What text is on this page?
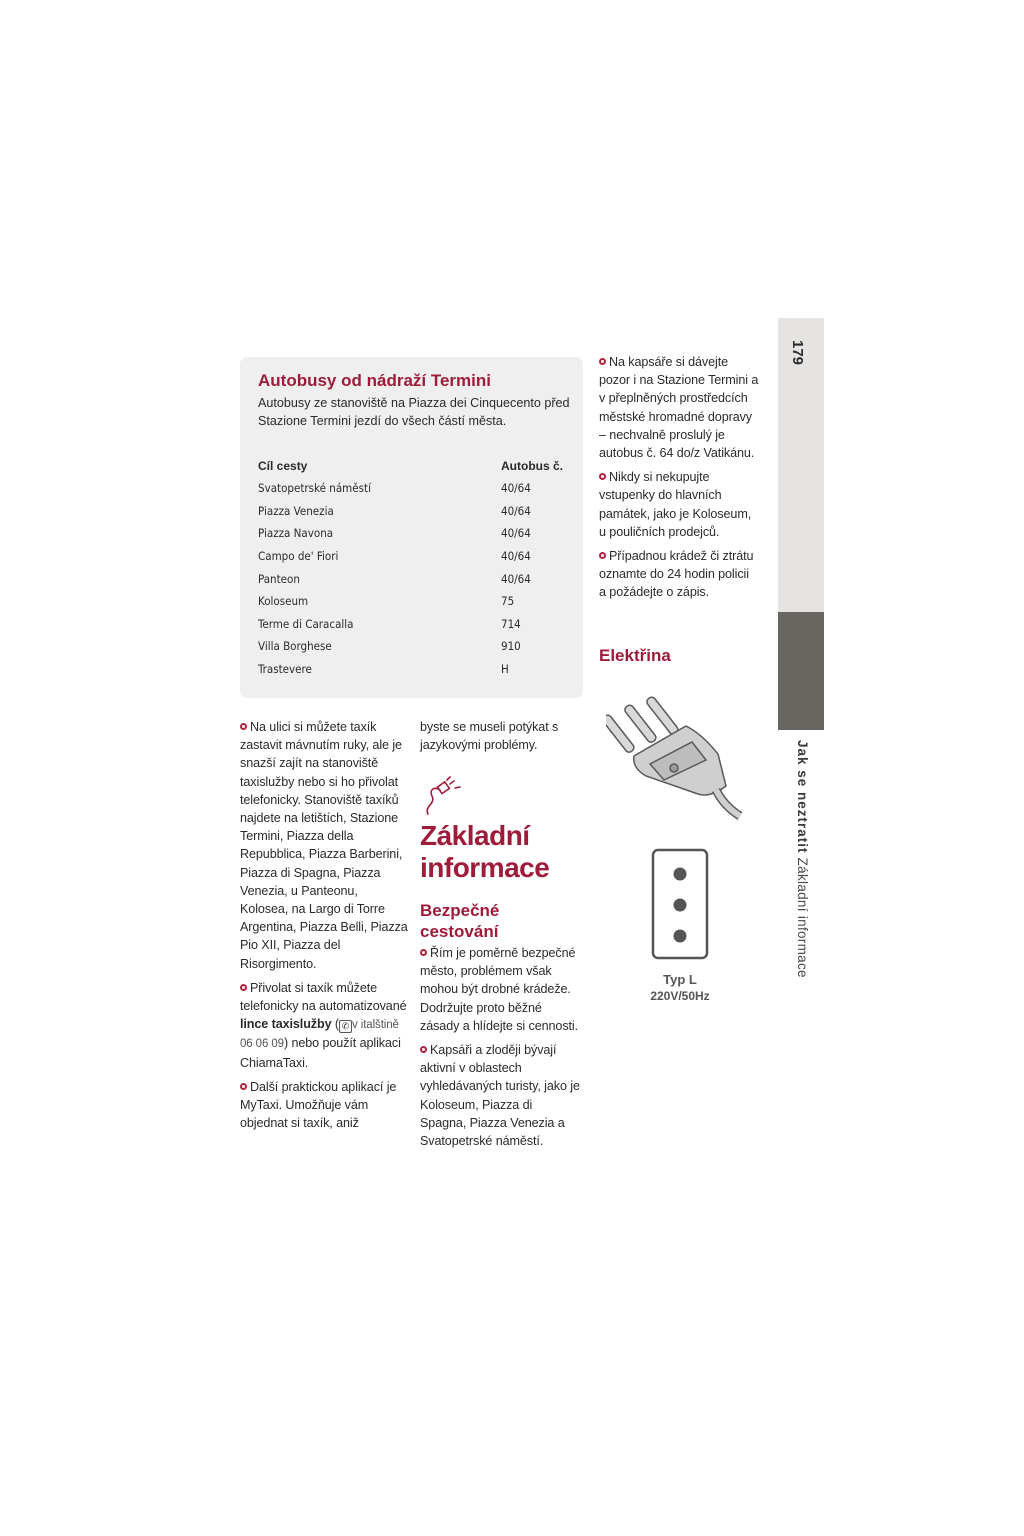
Autobusy od nádraží Termini

Autobusy ze stanoviště na Piazza dei Cinquecento před Stazione Termini jezdí do všech částí města.

Cíl cesty	Autobus č.
Svatopetrské náměstí	40/64
Piazza Venezia	40/64
Piazza Navona	40/64
Campo de' Fiori	40/64
Panteon	40/64
Koloseum	75
Terme di Caracalla	714
Villa Borghese	910
Trastevere	H

Na ulici si můžete taxík zastavit mávnutím ruky, ale je snazší zajít na stanoviště taxislužby nebo si ho přivolat telefonicky. Stanoviště taxíků najdete na letištích, Stazione Termini, Piazza della Repubblica, Piazza Barberini, Piazza di Spagna, Piazza Venezia, u Panteonu, Kolosea, na Largo di Torre Argentina, Piazza Belli, Piazza Pio XII, Piazza del Risorgimento.

Přivolat si taxík můžete telefonicky na automatizované lince taxislužby ( ✆ v italštině 06 06 09) nebo použít aplikaci ChiamaTaxi.

Další praktickou aplikací je MyTaxi. Umožňuje vám objednat si taxík, aniž

byste se museli potýkat s jazykovými problémy.

Základní informace
Bezpečné cestování

Řím je poměrně bezpečné město, problémem však mohou být drobné krádeže. Dodržujte proto běžné zásady a hlídejte si cennosti.

Kapsáři a zloději bývají aktivní v oblastech vyhledávaných turisty, jako je Koloseum, Piazza di Spagna, Piazza Venezia a Svatopetrské náměstí.

Na kapsáře si dávejte pozor i na Stazione Termini a v přeplněných prostředcích městské hromadné dopravy – nechvalně proslulý je autobus č. 64 do/z Vatikánu.

Nikdy si nekupujte vstupenky do hlavních památek, jako je Koloseum, u pouličních prodejců.

Případnou krádež či ztrátu oznamte do 24 hodin policii a požádejte o zápis.

Elektřina
Typ L
220V/50Hz
179
Jak se neztratit Základní informace
